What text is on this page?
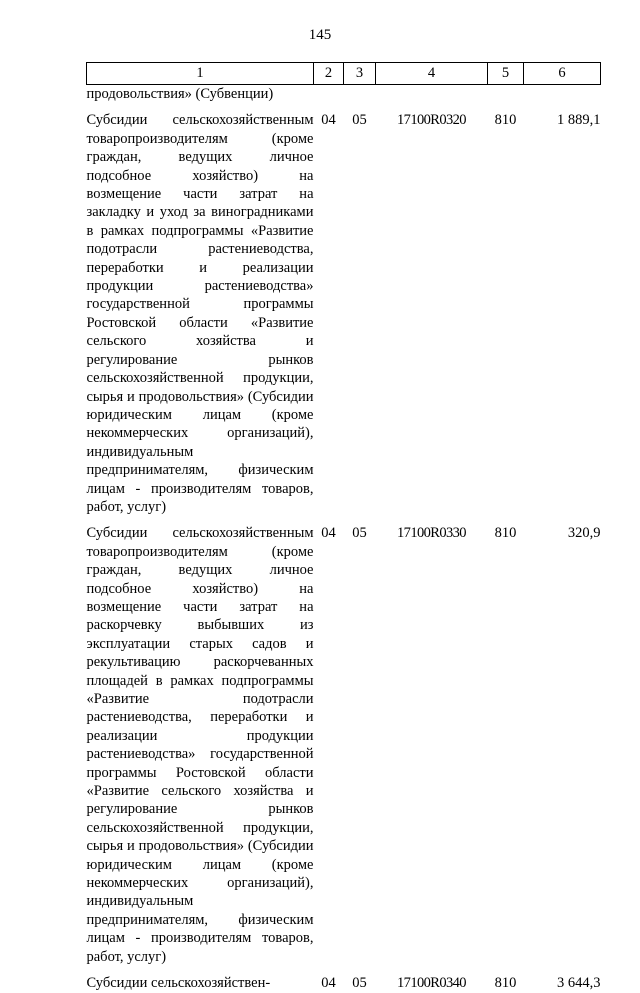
145
1	2	3	4	5	6
продовольствия» (Субвенции)					
Субсидии сельскохозяйственным товаропроизводителям (кроме граждан, ведущих личное подсобное хозяйство) на возмещение части затрат на закладку и уход за виноградниками в рамках подпрограммы «Развитие подотрасли растениеводства, переработки и реализации продукции растениеводства» государственной программы Ростовской области «Развитие сельского хозяйства и регулирование рынков сельскохозяйственной продукции, сырья и продовольствия» (Субсидии юридическим лицам (кроме некоммерческих организаций), индивидуальным предпринимателям, физическим лицам - производителям товаров, работ, услуг)	04	05	17100R0320	810	1 889,1
Субсидии сельскохозяйственным товаропроизводителям (кроме граждан, ведущих личное подсобное хозяйство) на возмещение части затрат на раскорчевку выбывших из эксплуатации старых садов и рекультивацию раскорчеванных площадей в рамках подпрограммы «Развитие подотрасли растениеводства, переработки и реализации продукции растениеводства» государственной программы Ростовской области «Развитие сельского хозяйства и регулирование рынков сельскохозяйственной продукции, сырья и продовольствия» (Субсидии юридическим лицам (кроме некоммерческих организаций), индивидуальным предпринимателям, физическим лицам - производителям товаров, работ, услуг)	04	05	17100R0330	810	320,9
Субсидии сельскохозяйствен-	04	05	17100R0340	810	3 644,3
